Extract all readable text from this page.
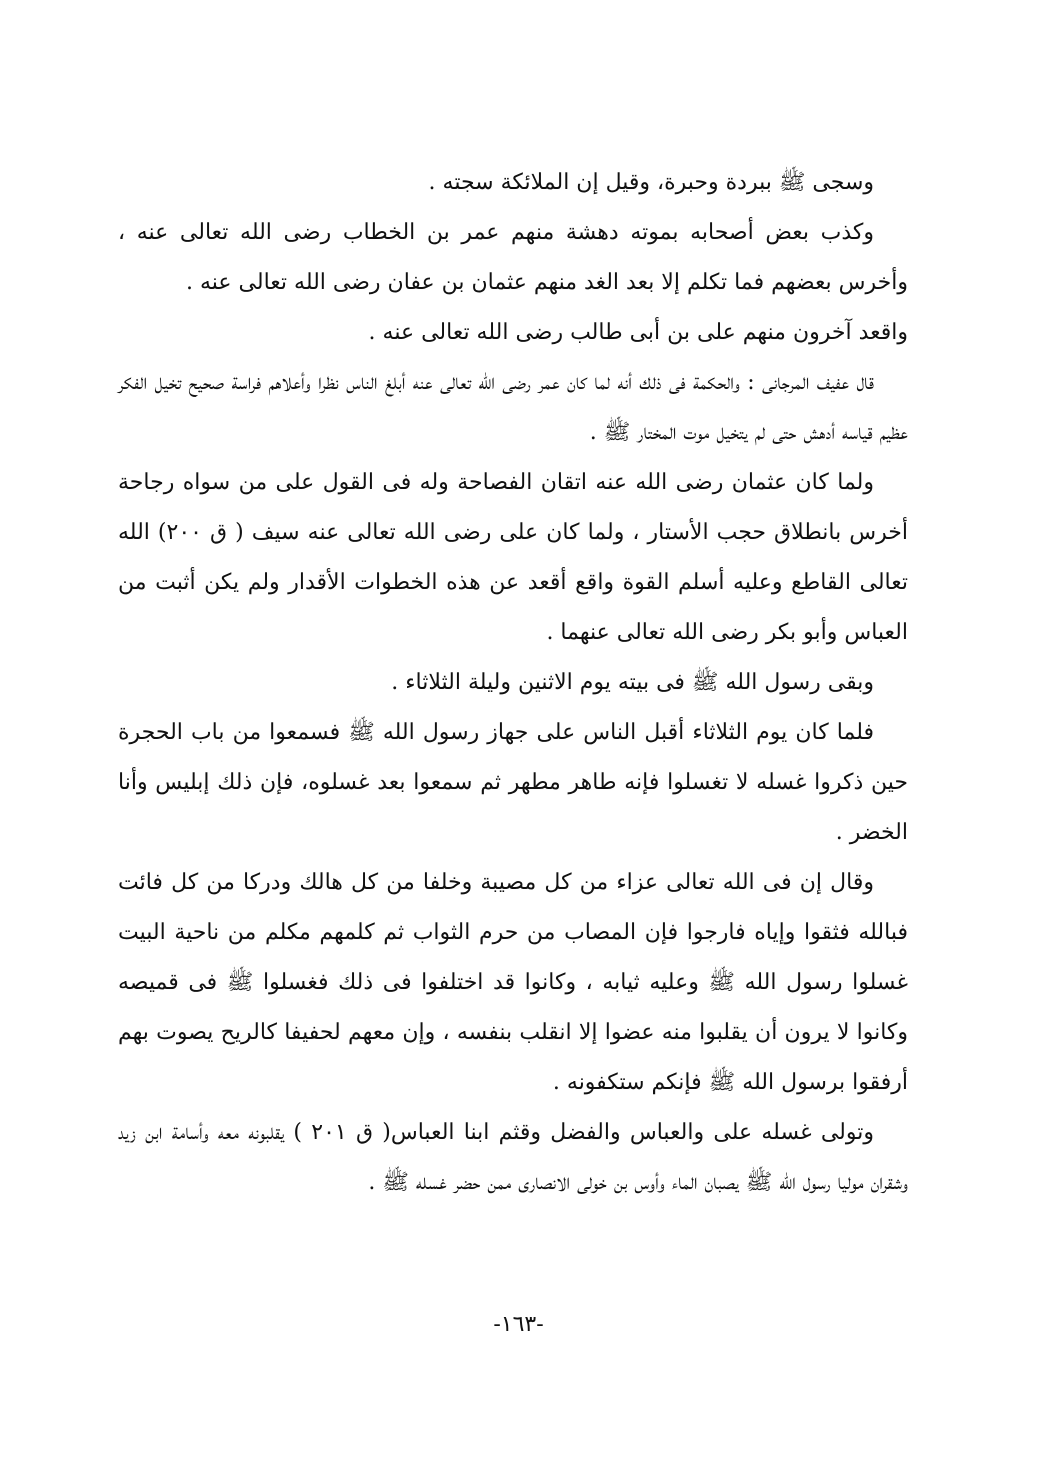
وسجى ﷺ ببردة وحبرة، وقيل إن الملائكة سجته .

وكذب بعض أصحابه بموته دهشة منهم عمر بن الخطاب رضى الله تعالى عنه ، وأخرس بعضهم فما تكلم إلا بعد الغد منهم عثمان بن عفان رضى الله تعالى عنه .

واقعد آخرون منهم على بن أبى طالب رضى الله تعالى عنه .

قال عفيف المرجانى : والحكمة فى ذلك أنه لما كان عمر رضى الله تعالى عنه أبلغ الناس نظرا وأعلاهم فراسة صحيح تخيل الفكر عظيم قياسه أدهش حتى لم يتخيل موت المختار ﷺ .

ولما كان عثمان رضى الله عنه اتقان الفصاحة وله فى القول على من سواه رجاحة أخرس بانطلاق حجب الأستار ، ولما كان على رضى الله تعالى عنه سيف ( ق ٢٠٠) الله تعالى القاطع وعليه أسلم القوة واقع أقعد عن هذه الخطوات الأقدار ولم يكن أثبت من العباس وأبو بكر رضى الله تعالى عنهما .

وبقى رسول الله ﷺ فى بيته يوم الاثنين وليلة الثلاثاء .

فلما كان يوم الثلاثاء أقبل الناس على جهاز رسول الله ﷺ فسمعوا من باب الحجرة حين ذكروا غسله لا تغسلوا فإنه طاهر مطهر ثم سمعوا بعد غسلوه، فإن ذلك إبليس وأنا الخضر .

وقال إن فى الله تعالى عزاء من كل مصيبة وخلفا من كل هالك ودركا من كل فائت فبالله فثقوا وإياه فارجوا فإن المصاب من حرم الثواب ثم كلمهم مكلم من ناحية البيت غسلوا رسول الله ﷺ وعليه ثيابه ، وكانوا قد اختلفوا فى ذلك فغسلوا ﷺ فى قميصه وكانوا لا يرون أن يقلبوا منه عضوا إلا انقلب بنفسه ، وإن معهم لحفيفا كالريح يصوت بهم أرفقوا برسول الله ﷺ فإنكم ستكفونه .

وتولى غسله على والعباس والفضل وقثم ابنا العباس( ق ٢٠١ ) يقلبونه معه وأسامة ابن زيد وشقران موليا رسول الله ﷺ يصبان الماء وأوس بن خولى الانصارى ممن حضر غسله ﷺ .

-١٦٣-
